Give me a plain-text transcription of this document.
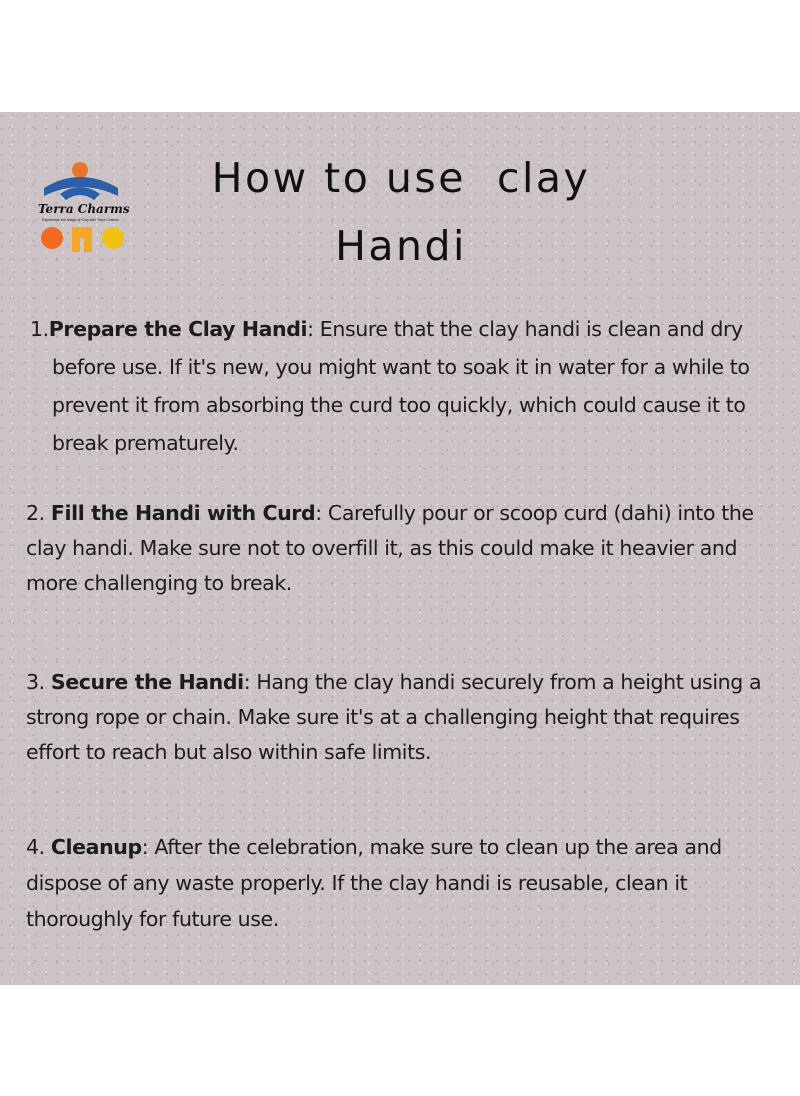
Terra Charms
Experience the Magic of Clay with Terra Charms
How to use  clay
Handi

1.Prepare the Clay Handi: Ensure that the clay handi is clean and dry before use. If it's new, you might want to soak it in water for a while to prevent it from absorbing the curd too quickly, which could cause it to break prematurely.

2. Fill the Handi with Curd: Carefully pour or scoop curd (dahi) into the clay handi. Make sure not to overfill it, as this could make it heavier and more challenging to break.

3. Secure the Handi: Hang the clay handi securely from a height using a strong rope or chain. Make sure it's at a challenging height that requires effort to reach but also within safe limits.

4. Cleanup: After the celebration, make sure to clean up the area and dispose of any waste properly. If the clay handi is reusable, clean it thoroughly for future use.
